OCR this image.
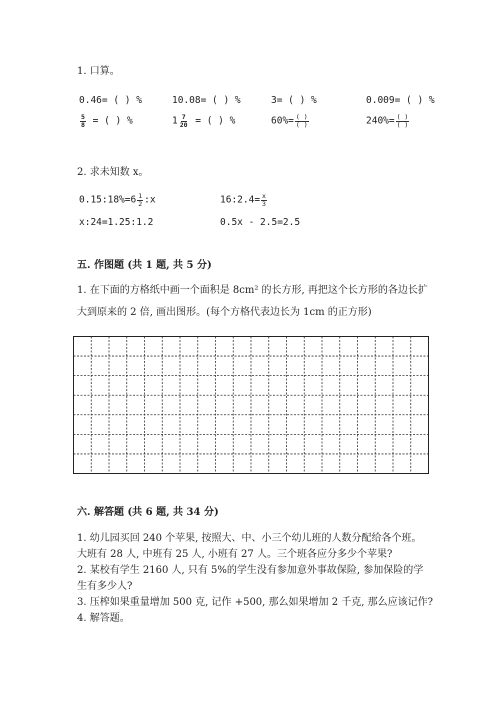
1. 口算。
0.46= ( ) %	10.08= ( ) %	3= ( ) %	0.009= ( ) %
$\frac{5}{8}$ = ( ) %	$1 \frac{7}{20}$ = ( ) %	$60\%= \frac{( )}{( )}$	$240\%= \frac{( )}{( )}$
2. 求未知数 x。
0.15:18%=6 $\frac{1}{2}$ :x	16:2.4= $\frac{x}{3}$
x:24=1.25:1.2	0.5x - 2.5=2.5
五. 作图题 (共 1 题, 共 5 分)
1. 在下面的方格纸中画一个面积是 8cm² 的长方形, 再把这个长方形的各边长扩
大到原来的 2 倍, 画出图形。(每个方格代表边长为 1cm 的正方形)
六. 解答题 (共 6 题, 共 34 分)
1. 幼儿园买回 240 个苹果, 按照大、中、小三个幼儿班的人数分配给各个班。
大班有 28 人, 中班有 25 人, 小班有 27 人。三个班各应分多少个苹果?
2. 某校有学生 2160 人, 只有 5%的学生没有参加意外事故保险, 参加保险的学
生有多少人?
3. 压榨如果重量增加 500 克, 记作 +500, 那么如果增加 2 千克, 那么应该记作?
4. 解答题。
